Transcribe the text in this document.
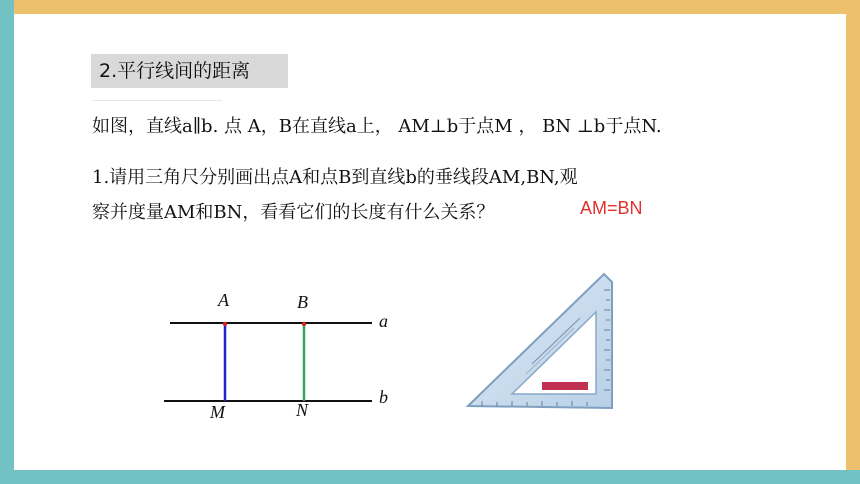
2.平行线间的距离
如图，直线a∥b. 点 A，B在直线a上， AM⊥b于点M ， BN ⊥b于点N.
1.请用三角尺分别画出点A和点B到直线b的垂线段AM,BN,观
察并度量AM和BN，看看它们的长度有什么关系？	AM=BN
A	B
M	N
a
b
